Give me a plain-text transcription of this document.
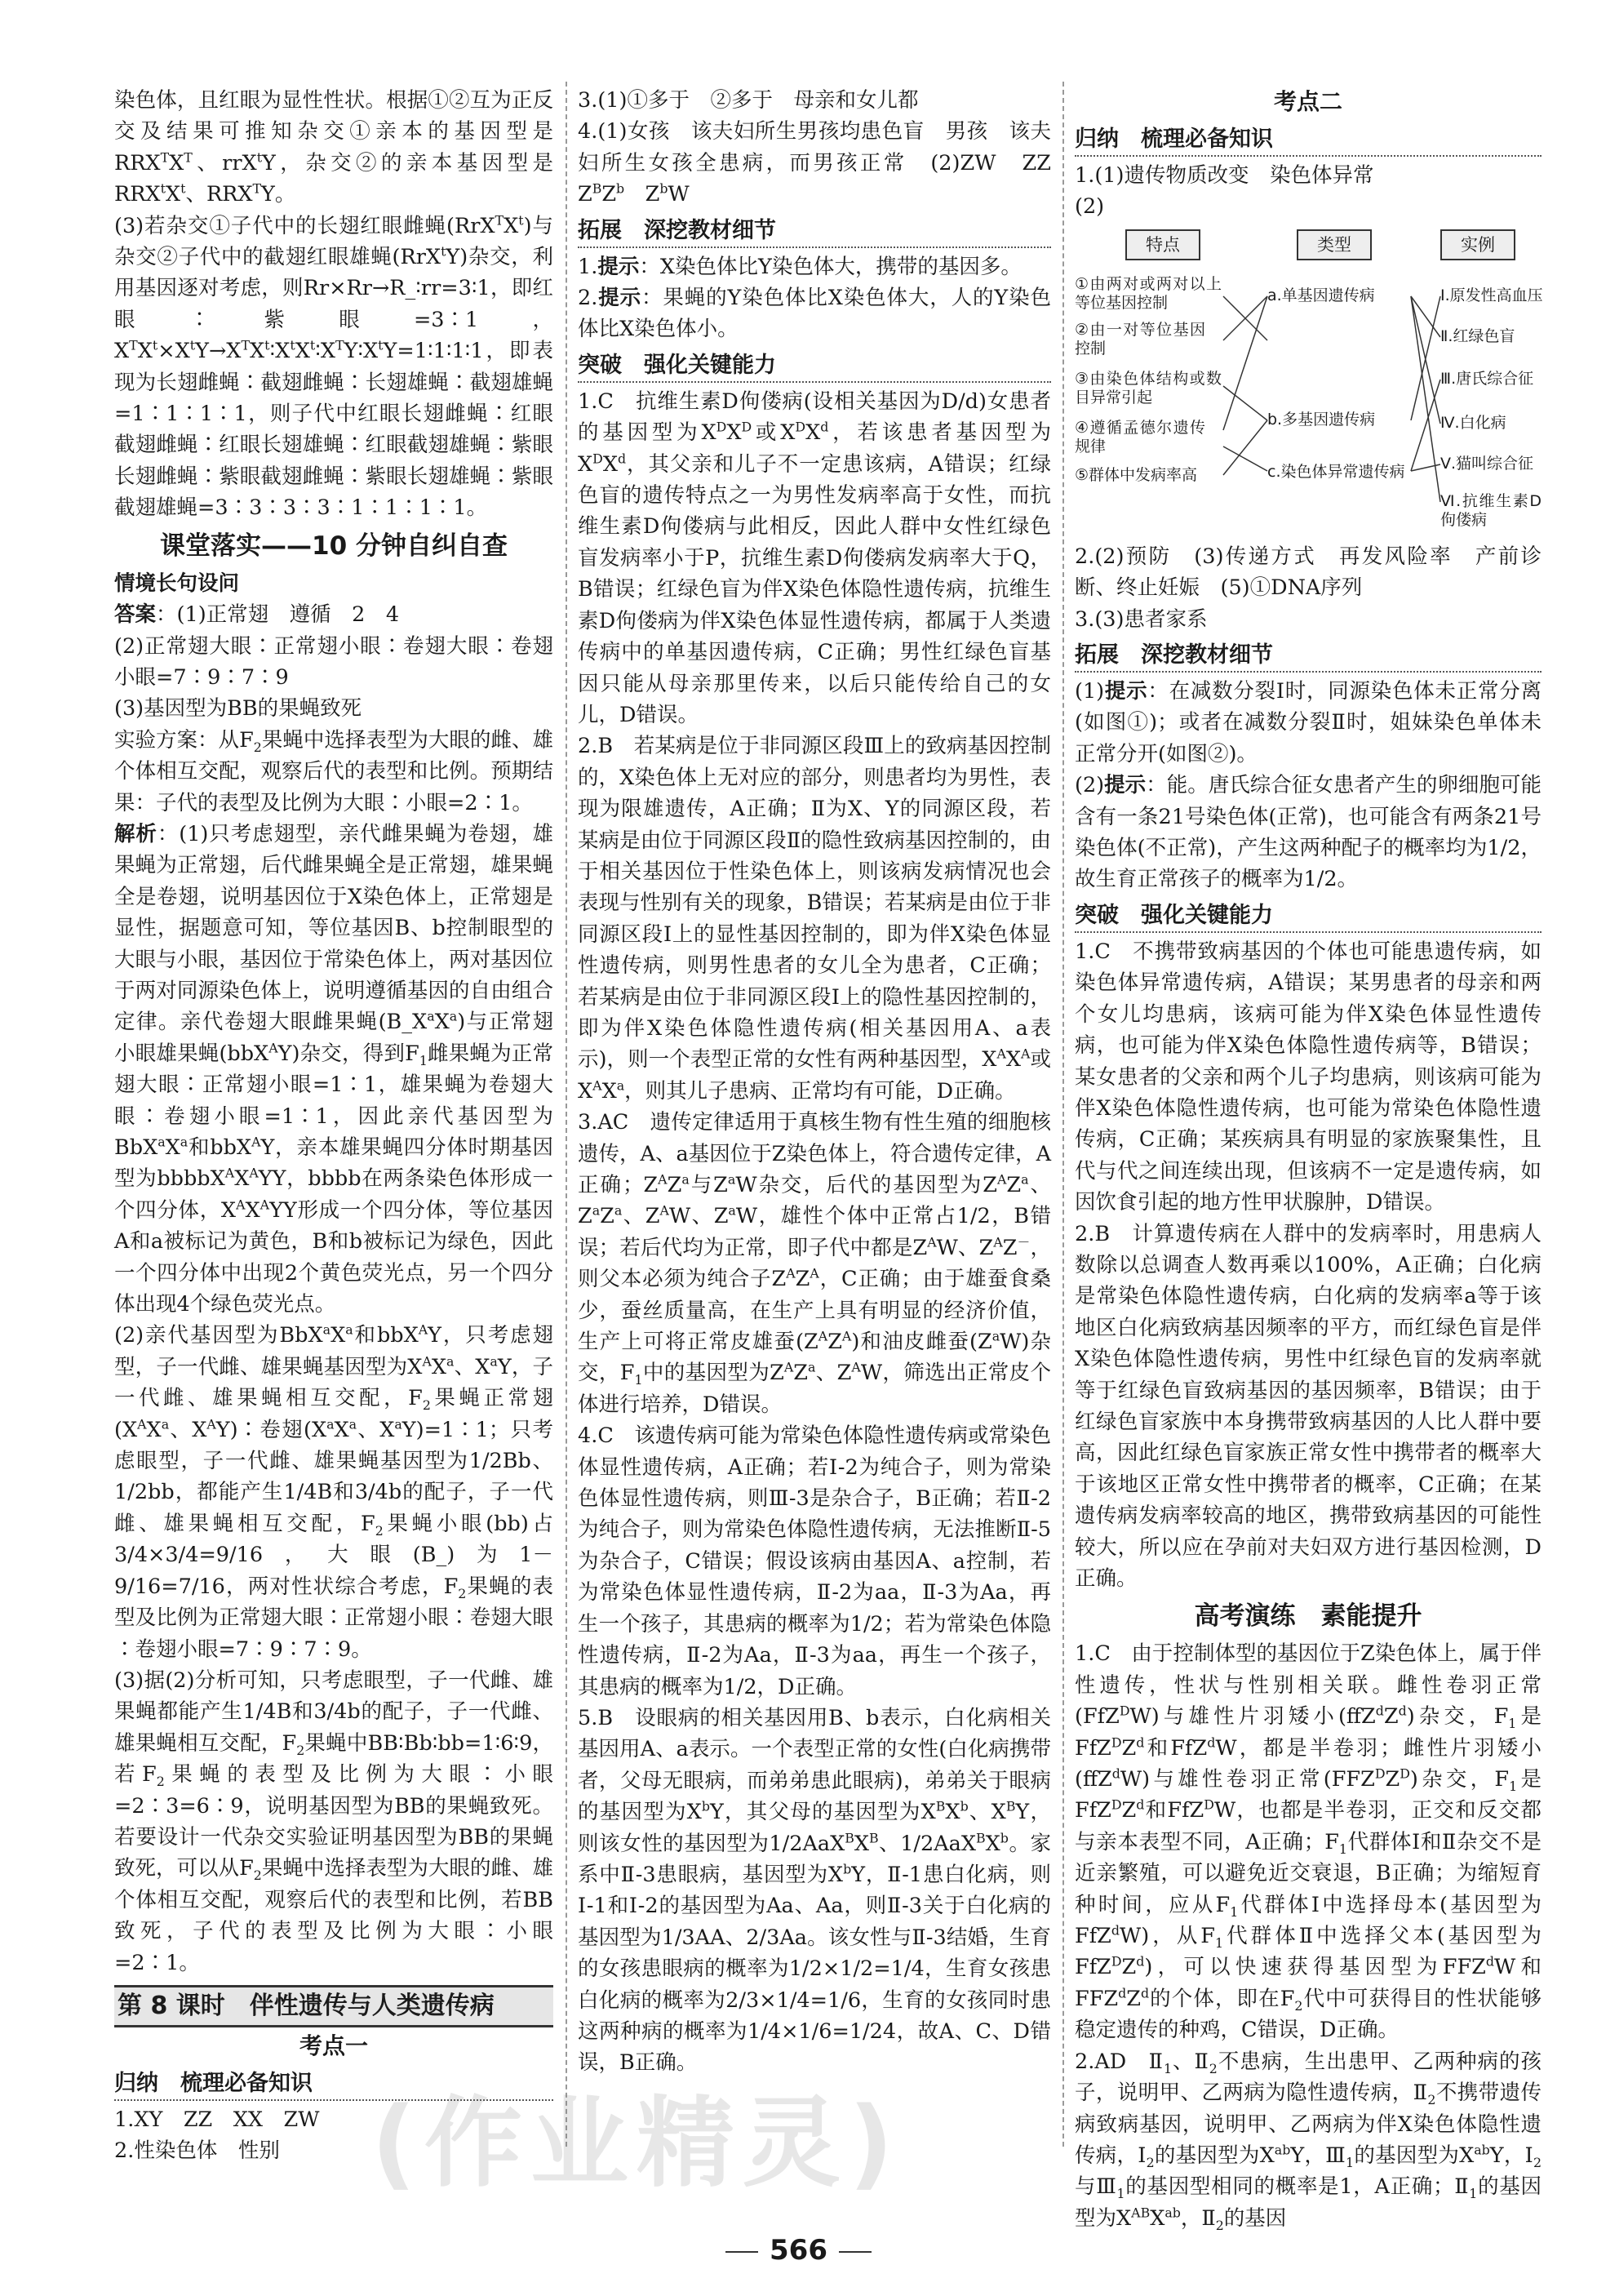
染色体，且红眼为显性性状。根据①②互为正反交及结果可推知杂交①亲本的基因型是$RRX^TX^T$、rrX$^t$Y，杂交②的亲本基因型是$RRX^tX^t$、$RRX^TY$。

(3)若杂交①子代中的长翅红眼雌蝇$(RrX^TX^t)$与杂交②子代中的截翅红眼雄蝇(RrX$^t$Y)杂交，利用基因逐对考虑，则Rr×Rr→R_∶rr=3∶1，即红眼∶紫眼=3∶1，$X^TX^t\times X^tY\to X^TX^t∶X^tX^t∶X^TY∶X^tY=1∶1∶1∶1$，即表现为长翅雌蝇∶截翅雌蝇∶长翅雄蝇∶截翅雄蝇=1∶1∶1∶1，则子代中红眼长翅雌蝇∶红眼截翅雌蝇∶红眼长翅雄蝇∶红眼截翅雄蝇∶紫眼长翅雌蝇∶紫眼截翅雌蝇∶紫眼长翅雄蝇∶紫眼截翅雄蝇=3∶3∶3∶3∶1∶1∶1∶1。

课堂落实——10 分钟自纠自查

情境长句设问

答案：(1)正常翅　遵循　2　4

(2)正常翅大眼∶正常翅小眼∶卷翅大眼∶卷翅小眼=7∶9∶7∶9

(3)基因型为BB的果蝇致死

实验方案：从$F_2$果蝇中选择表型为大眼的雌、雄个体相互交配，观察后代的表型和比例。预期结果：子代的表型及比例为大眼∶小眼=2∶1。

解析：(1)只考虑翅型，亲代雌果蝇为卷翅，雄果蝇为正常翅，后代雌果蝇全是正常翅，雄果蝇全是卷翅，说明基因位于X染色体上，正常翅是显性，据题意可知，等位基因B、b控制眼型的大眼与小眼，基因位于常染色体上，两对基因位于两对同源染色体上，说明遵循基因的自由组合定律。亲代卷翅大眼雌果蝇$(B\_X^aX^a)$与正常翅小眼雄果蝇(bbX$^A$Y)杂交，得到$F_1$雌果蝇为正常翅大眼∶正常翅小眼=1∶1，雄果蝇为卷翅大眼∶卷翅小眼=1∶1，因此亲代基因型为$BbX^aX^a$和bbX$^A$Y，亲本雄果蝇四分体时期基因型为$bbbbX^AX^AYY$，bbbb在两条染色体形成一个四分体，$X^AX^AYY$形成一个四分体，等位基因A和a被标记为黄色，B和b被标记为绿色，因此一个四分体中出现2个黄色荧光点，另一个四分体出现4个绿色荧光点。

(2)亲代基因型为$BbX^aX^a$和bbX$^A$Y，只考虑翅型，子一代雌、雄果蝇基因型为$X^AX^a$、$X^aY$，子一代雌、雄果蝇相互交配，$F_2$果蝇正常翅($X^AX^a$、$X^AY)∶$卷翅($X^aX^a$、$X^aY)=1∶1$；只考虑眼型，子一代雌、雄果蝇基因型为1/2Bb、1/2bb，都能产生1/4B和3/4b的配子，子一代雌、雄果蝇相互交配，$F_2$果蝇小眼(bb)占3/4×3/4=9/16，大眼(B_)为1－9/16=7/16，两对性状综合考虑，$F_2$果蝇的表型及比例为正常翅大眼∶正常翅小眼∶卷翅大眼∶卷翅小眼=7∶9∶7∶9。

(3)据(2)分析可知，只考虑眼型，子一代雌、雄果蝇都能产生1/4B和3/4b的配子，子一代雌、雄果蝇相互交配，$F_2$果蝇中BB∶Bb∶bb=1∶6∶9，若$F_2$果蝇的表型及比例为大眼∶小眼=2∶3=6∶9，说明基因型为BB的果蝇致死。若要设计一代杂交实验证明基因型为BB的果蝇致死，可以从$F_2$果蝇中选择表型为大眼的雌、雄个体相互交配，观察后代的表型和比例，若BB致死，子代的表型及比例为大眼∶小眼=2∶1。

第 8 课时　伴性遗传与人类遗传病
考点一
归纳　梳理必备知识

1.XY　ZZ　XX　ZW

2.性染色体　性别

3.(1)①多于　②多于　母亲和女儿都

4.(1)女孩　该夫妇所生男孩均患色盲　男孩　该夫妇所生女孩全患病，而男孩正常　(2)ZW　ZZ　$Z^BZ^b$　$Z^bW$

拓展　深挖教材细节

1.提示：X染色体比Y染色体大，携带的基因多。

2.提示：果蝇的Y染色体比X染色体大，人的Y染色体比X染色体小。

突破　强化关键能力

1.C　抗维生素D佝偻病(设相关基因为D/d)女患者的基因型为$X^DX^D$或$X^DX^d$，若该患者基因型为$X^DX^d$，其父亲和儿子不一定患该病，A错误；红绿色盲的遗传特点之一为男性发病率高于女性，而抗维生素D佝偻病与此相反，因此人群中女性红绿色盲发病率小于P，抗维生素D佝偻病发病率大于Q，B错误；红绿色盲为伴X染色体隐性遗传病，抗维生素D佝偻病为伴X染色体显性遗传病，都属于人类遗传病中的单基因遗传病，C正确；男性红绿色盲基因只能从母亲那里传来，以后只能传给自己的女儿，D错误。

2.B　若某病是位于非同源区段Ⅲ上的致病基因控制的，X染色体上无对应的部分，则患者均为男性，表现为限雄遗传，A正确；Ⅱ为X、Y的同源区段，若某病是由位于同源区段Ⅱ的隐性致病基因控制的，由于相关基因位于性染色体上，则该病发病情况也会表现与性别有关的现象，B错误；若某病是由位于非同源区段Ⅰ上的显性基因控制的，即为伴X染色体显性遗传病，则男性患者的女儿全为患者，C正确；若某病是由位于非同源区段Ⅰ上的隐性基因控制的，即为伴X染色体隐性遗传病(相关基因用A、a表示)，则一个表型正常的女性有两种基因型，$X^AX^A$或$X^AX^a$，则其儿子患病、正常均有可能，D正确。

3.AC　遗传定律适用于真核生物有性生殖的细胞核遗传，A、a基因位于Z染色体上，符合遗传定律，A正确；$Z^AZ^a$与$Z^aW$杂交，后代的基因型为$Z^AZ^a$、$Z^aZ^a$、$Z^AW$、$Z^aW$，雄性个体中正常占1/2，B错误；若后代均为正常，即子代中都是$Z^AW$、$Z^AZ^-$，则父本必须为纯合子$Z^AZ^A$，C正确；由于雄蚕食桑少，蚕丝质量高，在生产上具有明显的经济价值，生产上可将正常皮雄蚕$(Z^AZ^A)$和油皮雌蚕$(Z^aW)$杂交，$F_1$中的基因型为$Z^AZ^a$、$Z^AW$，筛选出正常皮个体进行培养，D错误。

4.C　该遗传病可能为常染色体隐性遗传病或常染色体显性遗传病，A正确；若Ⅰ-2为纯合子，则为常染色体显性遗传病，则Ⅲ-3是杂合子，B正确；若Ⅱ-2为纯合子，则为常染色体隐性遗传病，无法推断Ⅱ-5为杂合子，C错误；假设该病由基因A、a控制，若为常染色体显性遗传病，Ⅱ-2为aa，Ⅱ-3为Aa，再生一个孩子，其患病的概率为1/2；若为常染色体隐性遗传病，Ⅱ-2为Aa，Ⅱ-3为aa，再生一个孩子，其患病的概率为1/2，D正确。

5.B　设眼病的相关基因用B、b表示，白化病相关基因用A、a表示。一个表型正常的女性(白化病携带者，父母无眼病，而弟弟患此眼病)，弟弟关于眼病的基因型为$X^bY$，其父母的基因型为$X^BX^b$、$X^BY$，则该女性的基因型为$1/2AaX^BX^B$、$1/2AaX^BX^b$。家系中Ⅱ-3患眼病，基因型为$X^bY$，Ⅱ-1患白化病，则Ⅰ-1和Ⅰ-2的基因型为Aa、Aa，则Ⅱ-3关于白化病的基因型为1/3AA、2/3Aa。该女性与Ⅱ-3结婚，生育的女孩患眼病的概率为1/2×1/2=1/4，生育女孩患白化病的概率为2/3×1/4=1/6，生育的女孩同时患这两种病的概率为1/4×1/6=1/24，故A、C、D错误，B正确。

考点二
归纳　梳理必备知识

1.(1)遗传物质改变　染色体异常

(2)

特点	类型	实例
①由两对或两对以上等位基因控制
②由一对等位基因控制
③由染色体结构或数目异常引起
④遵循孟德尔遗传规律
⑤群体中发病率高
a.单基因遗传病
b.多基因遗传病
c.染色体异常遗传病
Ⅰ.原发性高血压
Ⅱ.红绿色盲
Ⅲ.唐氏综合征
Ⅳ.白化病
Ⅴ.猫叫综合征
Ⅵ.抗维生素D佝偻病

2.(2)预防　(3)传递方式　再发风险率　产前诊断、终止妊娠　(5)①DNA序列

3.(3)患者家系

拓展　深挖教材细节

(1)提示：在减数分裂Ⅰ时，同源染色体未正常分离(如图①)；或者在减数分裂Ⅱ时，姐妹染色单体未正常分开(如图②)。

(2)提示：能。唐氏综合征女患者产生的卵细胞可能含有一条21号染色体(正常)，也可能含有两条21号染色体(不正常)，产生这两种配子的概率均为1/2，故生育正常孩子的概率为1/2。

突破　强化关键能力

1.C　不携带致病基因的个体也可能患遗传病，如染色体异常遗传病，A错误；某男患者的母亲和两个女儿均患病，该病可能为伴X染色体显性遗传病，也可能为伴X染色体隐性遗传病等，B错误；某女患者的父亲和两个儿子均患病，则该病可能为伴X染色体隐性遗传病，也可能为常染色体隐性遗传病，C正确；某疾病具有明显的家族聚集性，且代与代之间连续出现，但该病不一定是遗传病，如因饮食引起的地方性甲状腺肿，D错误。

2.B　计算遗传病在人群中的发病率时，用患病人数除以总调查人数再乘以100%，A正确；白化病是常染色体隐性遗传病，白化病的发病率a等于该地区白化病致病基因频率的平方，而红绿色盲是伴X染色体隐性遗传病，男性中红绿色盲的发病率就等于红绿色盲致病基因的基因频率，B错误；由于红绿色盲家族中本身携带致病基因的人比人群中要高，因此红绿色盲家族正常女性中携带者的概率大于该地区正常女性中携带者的概率，C正确；在某遗传病发病率较高的地区，携带致病基因的可能性较大，所以应在孕前对夫妇双方进行基因检测，D正确。

高考演练　素能提升

1.C　由于控制体型的基因位于Z染色体上，属于伴性遗传，性状与性别相关联。雌性卷羽正常(FfZ$^D$W)与雄性片羽矮小$(ffZ^dZ^d)$杂交，$F_1$是$FfZ^DZ^d$和FfZ$^d$W，都是半卷羽；雌性片羽矮小(ffZ$^d$W)与雄性卷羽正常$(FFZ^DZ^D)$杂交，$F_1$是$FfZ^DZ^d$和FfZ$^D$W，也都是半卷羽，正交和反交都与亲本表型不同，A正确；$F_1$代群体Ⅰ和Ⅱ杂交不是近亲繁殖，可以避免近交衰退，B正确；为缩短育种时间，应从$F_1$代群体Ⅰ中选择母本(基因型为FfZ$^d$W)，从$F_1$代群体Ⅱ中选择父本(基因型为$FfZ^DZ^d$)，可以快速获得基因型为FFZ$^d$W和$FFZ^dZ^d$的个体，即在$F_2$代中可获得目的性状能够稳定遗传的种鸡，C错误，D正确。

2.AD　$Ⅱ_1$、$Ⅱ_2$不患病，生出患甲、乙两种病的孩子，说明甲、乙两病为隐性遗传病，$Ⅱ_2$不携带遗传病致病基因，说明甲、乙两病为伴X染色体隐性遗传病，$Ⅰ_2$的基因型为$X^{ab}Y$，$Ⅲ_1$的基因型为$X^{ab}Y$，$Ⅰ_2$与$Ⅲ_1$的基因型相同的概率是1，A正确；$Ⅱ_1$的基因型为$X^{AB}X^{ab}$，$Ⅱ_2$的基因

(作业精灵)
566
